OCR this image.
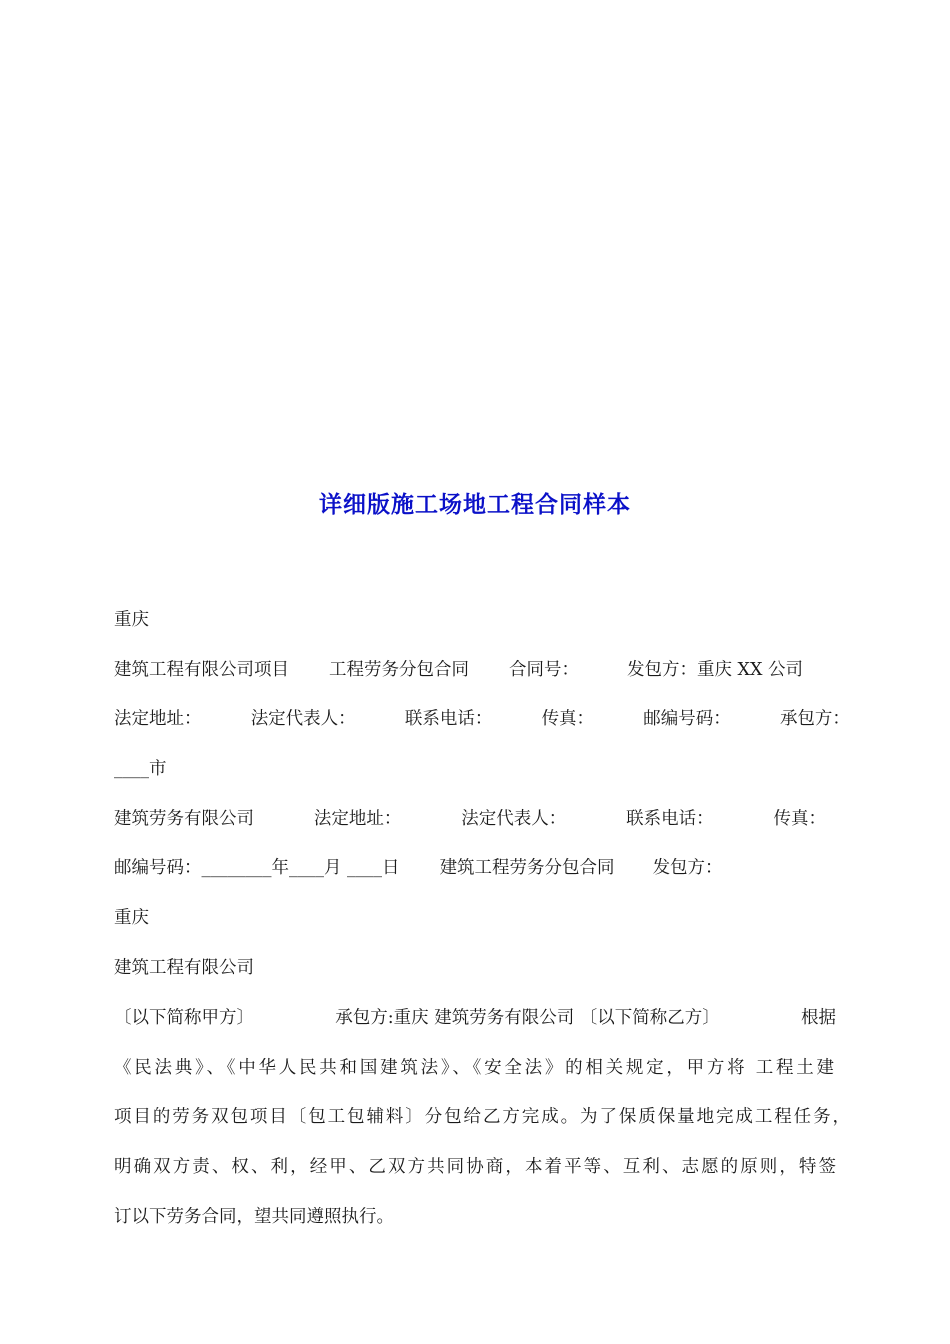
详细版施工场地工程合同样本
重庆
建筑工程有限公司项目 工程劳务分包合同 合同号：	发包方：重庆 XX 公司
法定地址：	法定代表人：	联系电话：	传真：	邮编号码：	承包方：
____市
建筑劳务有限公司	法定地址：	法定代表人：	联系电话：	传真：
邮编号码：________年____月 ____日 建筑工程劳务分包合同 发包方：
重庆
建筑工程有限公司
〔以下简称甲方〕	承包方:重庆 建筑劳务有限公司 〔以下简称乙方〕	根据
《民法典》、《中华人民共和国建筑法》、《安全法》的相关规定，甲方将 工程土建
项目的劳务双包项目〔包工包辅料〕分包给乙方完成。为了保质保量地完成工程任务，
明确双方责、权、利，经甲、乙双方共同协商，本着平等、互利、志愿的原则，特签
订以下劳务合同，望共同遵照执行。
